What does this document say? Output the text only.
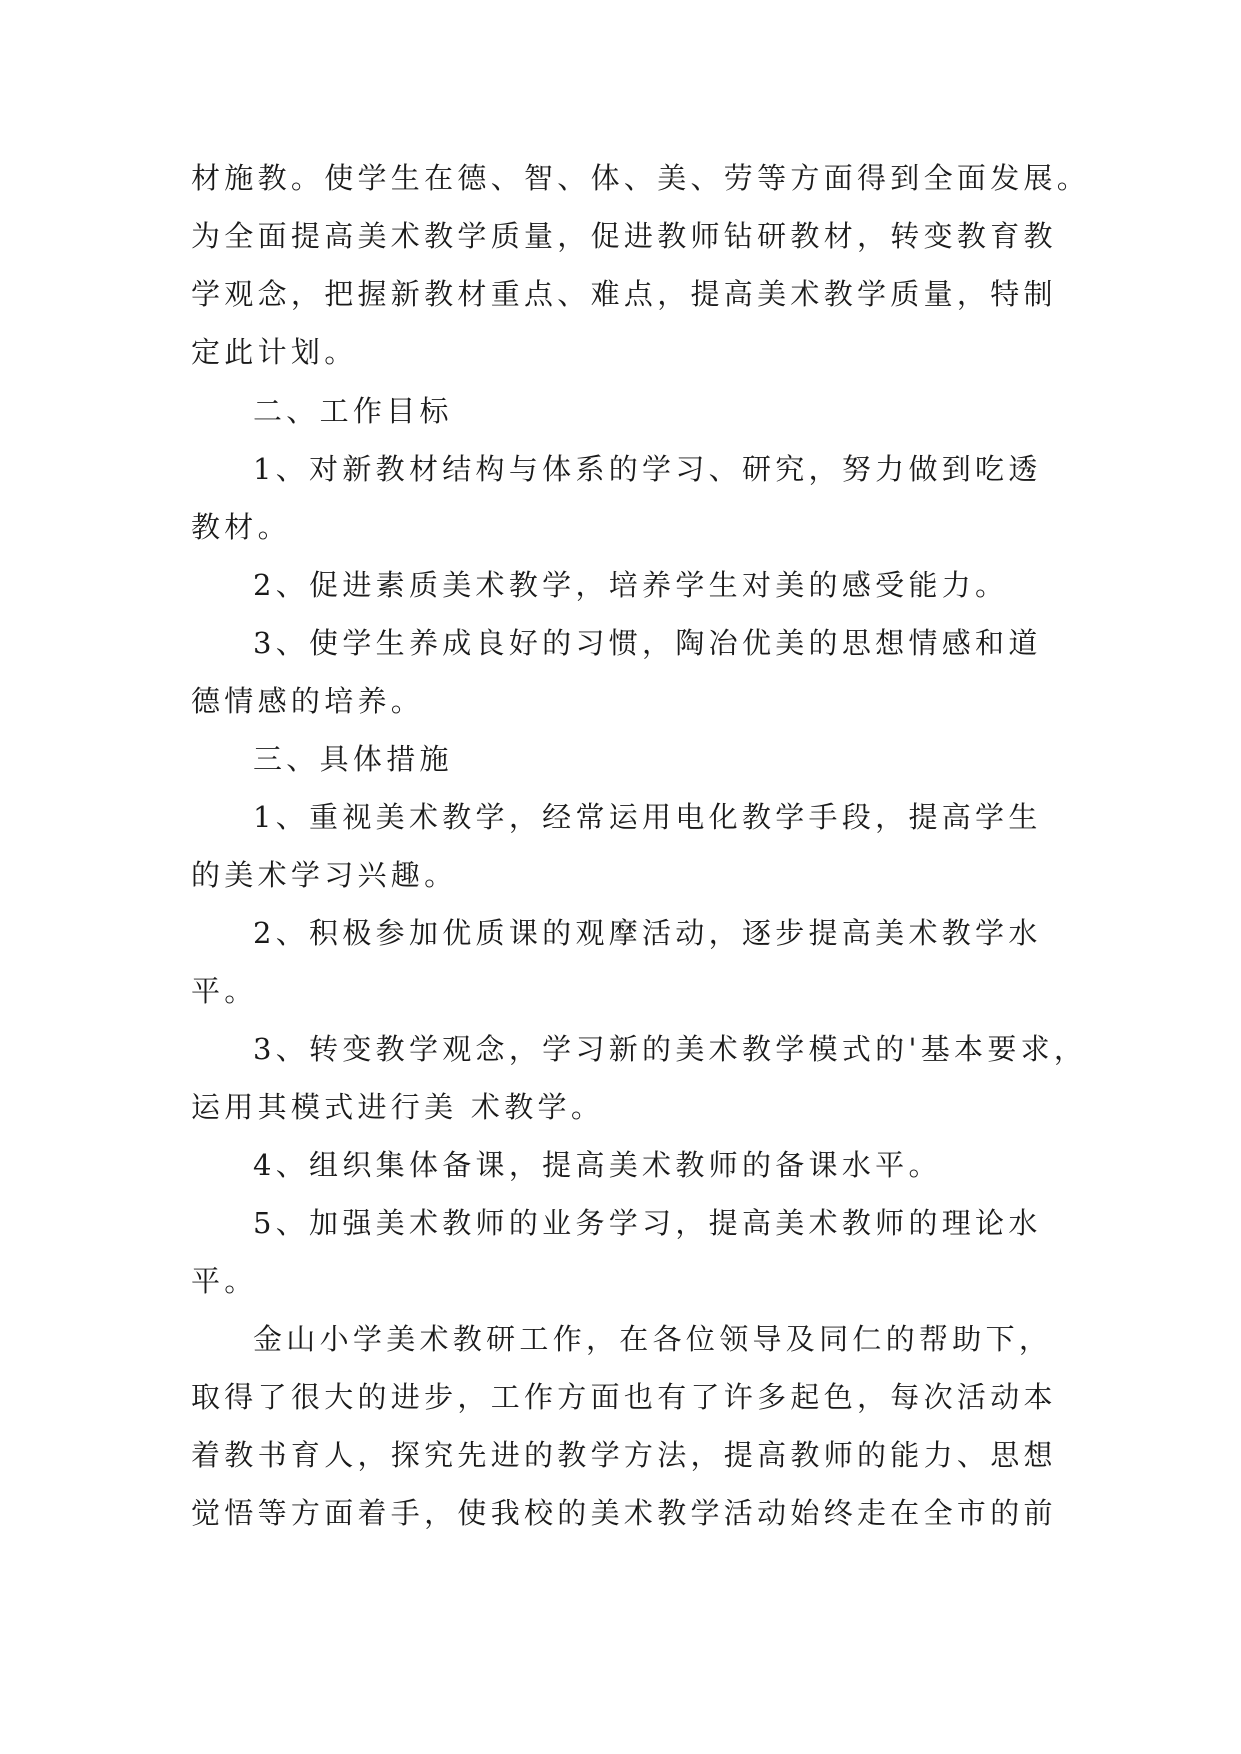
材施教。使学生在德、智、体、美、劳等方面得到全面发展。
为全面提高美术教学质量，促进教师钻研教材，转变教育教
学观念，把握新教材重点、难点，提高美术教学质量，特制
定此计划。
二、工作目标
1、对新教材结构与体系的学习、研究，努力做到吃透
教材。
2、促进素质美术教学，培养学生对美的感受能力。
3、使学生养成良好的习惯，陶冶优美的思想情感和道
德情感的培养。
三、具体措施
1、重视美术教学，经常运用电化教学手段，提高学生
的美术学习兴趣。
2、积极参加优质课的观摩活动，逐步提高美术教学水
平。
3、转变教学观念，学习新的美术教学模式的'基本要求，
运用其模式进行美 术教学。
4、组织集体备课，提高美术教师的备课水平。
5、加强美术教师的业务学习，提高美术教师的理论水
平。
金山小学美术教研工作，在各位领导及同仁的帮助下，
取得了很大的进步，工作方面也有了许多起色，每次活动本
着教书育人，探究先进的教学方法，提高教师的能力、思想
觉悟等方面着手，使我校的美术教学活动始终走在全市的前
